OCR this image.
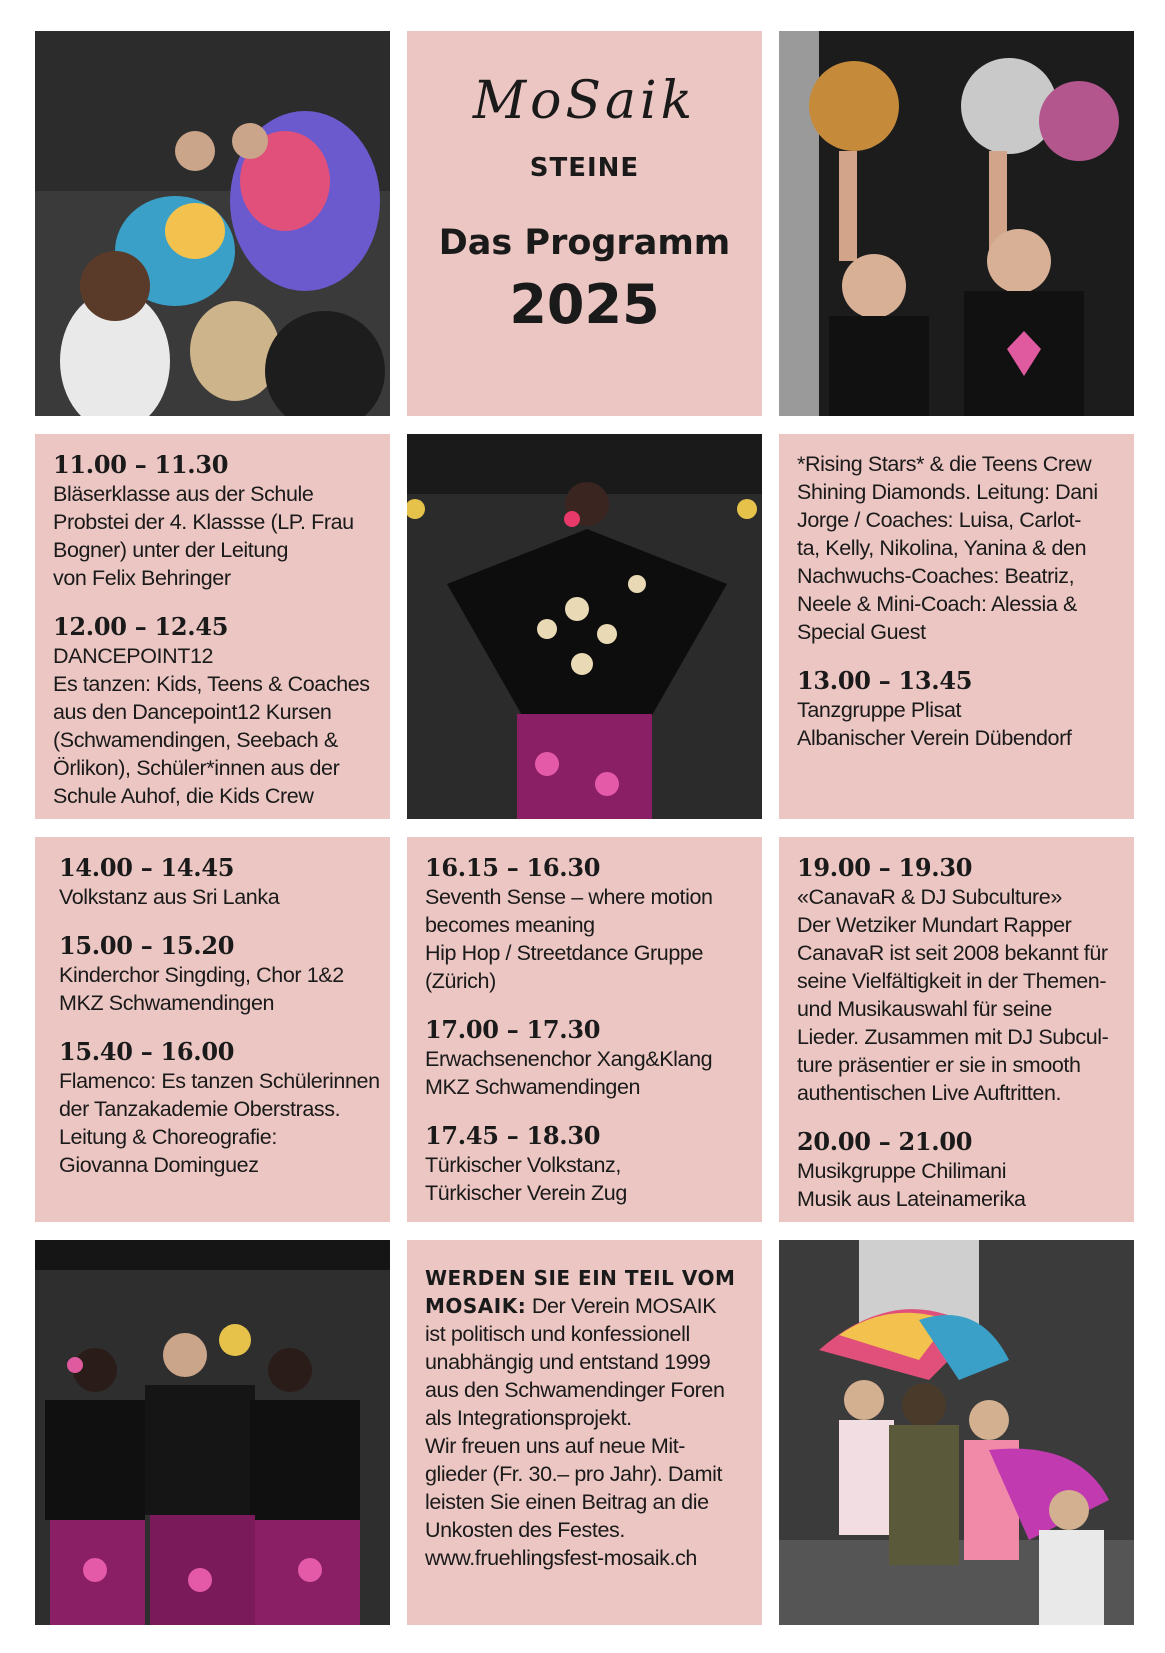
MoSaik
STEINE
Das Programm
2025
11.00 – 11.30
Bläserklasse aus der Schule
Probstei der 4. Klassse (LP. Frau
Bogner) unter der Leitung
von Felix Behringer
12.00 – 12.45
DANCEPOINT12
Es tanzen: Kids, Teens & Coaches
aus den Dancepoint12 Kursen
(Schwamendingen, Seebach &
Örlikon), Schüler*innen aus der
Schule Auhof, die Kids Crew
*Rising Stars* & die Teens Crew
Shining Diamonds. Leitung: Dani
Jorge / Coaches: Luisa, Carlot-
ta, Kelly, Nikolina, Yanina & den
Nachwuchs-Coaches: Beatriz,
Neele & Mini-Coach: Alessia &
Special Guest
13.00 – 13.45
Tanzgruppe Plisat
Albanischer Verein Dübendorf
14.00 – 14.45
Volkstanz aus Sri Lanka
15.00 – 15.20
Kinderchor Singding, Chor 1&2
MKZ Schwamendingen
15.40 – 16.00
Flamenco: Es tanzen Schülerinnen
der Tanzakademie Oberstrass.
Leitung & Choreografie:
Giovanna Dominguez
16.15 – 16.30
Seventh Sense – where motion
becomes meaning
Hip Hop / Streetdance Gruppe
(Zürich)
17.00 – 17.30
Erwachsenenchor Xang&Klang
MKZ Schwamendingen
17.45 – 18.30
Türkischer Volkstanz,
Türkischer Verein Zug
19.00 – 19.30
«CanavaR & DJ Subculture»
Der Wetziker Mundart Rapper
CanavaR ist seit 2008 bekannt für
seine Vielfältigkeit in der Themen-
und Musikauswahl für seine
Lieder. Zusammen mit DJ Subcul-
ture präsentier er sie in smooth
authentischen Live Auftritten.
20.00 – 21.00
Musikgruppe Chilimani
Musik aus Lateinamerika
WERDEN SIE EIN TEIL VOM
MOSAIK: Der Verein MOSAIK
ist politisch und konfessionell
unabhängig und entstand 1999
aus den Schwamendinger Foren
als Integrationsprojekt.
Wir freuen uns auf neue Mit-
glieder (Fr. 30.– pro Jahr). Damit
leisten Sie einen Beitrag an die
Unkosten des Festes.
www.fruehlingsfest-mosaik.ch
